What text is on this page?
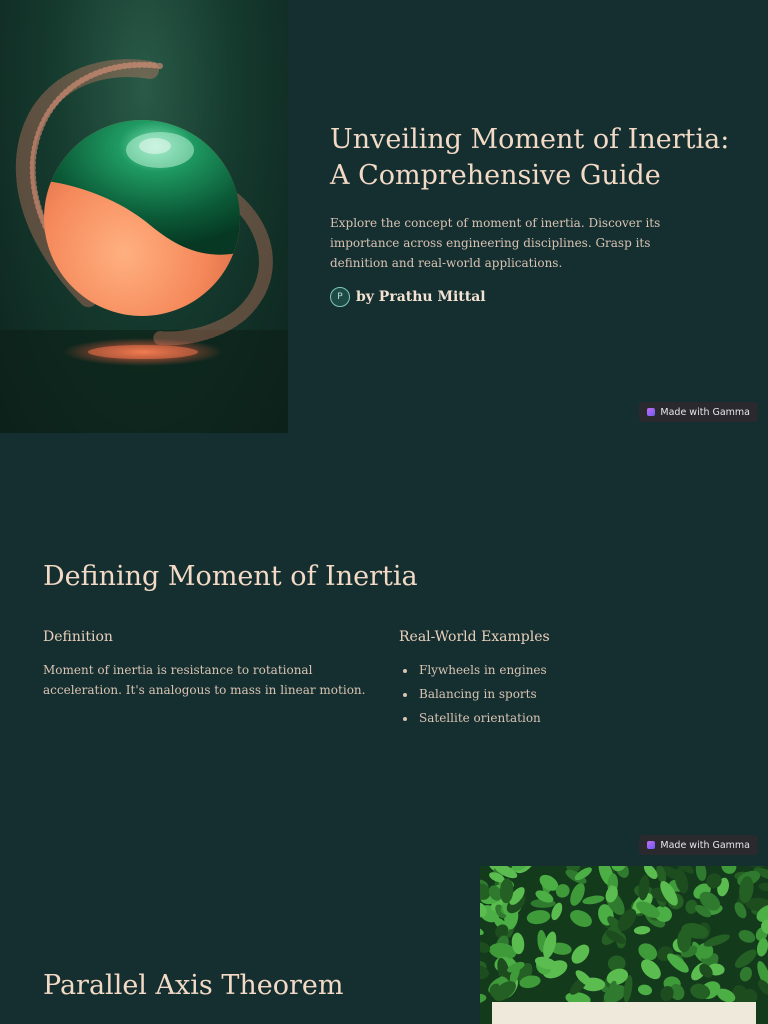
Unveiling Moment of Inertia:
A Comprehensive Guide

Explore the concept of moment of inertia. Discover its importance across engineering disciplines. Grasp its definition and real-world applications.

P by Prathu Mittal
Made with Gamma
Defining Moment of Inertia
Definition

Moment of inertia is resistance to rotational acceleration. It's analogous to mass in linear motion.

Real-World Examples
Flywheels in engines
Balancing in sports
Satellite orientation
Made with Gamma
Parallel Axis Theorem
